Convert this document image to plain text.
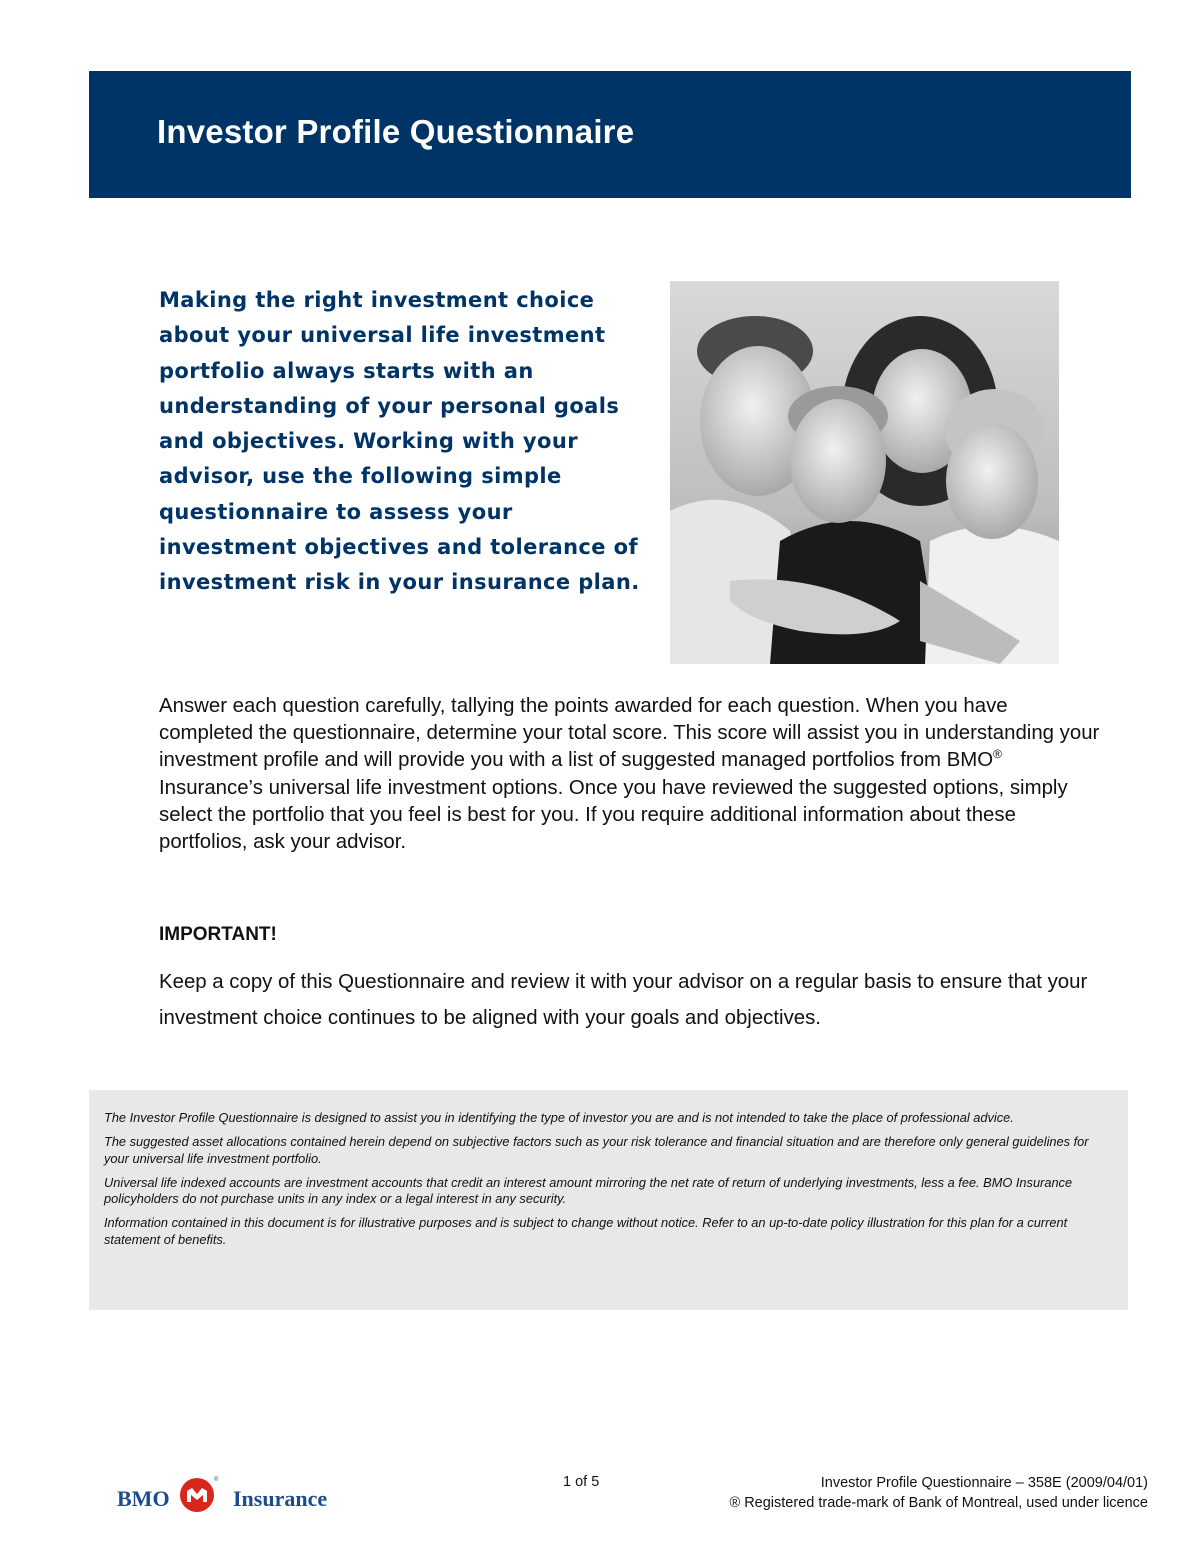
Investor Profile Questionnaire

Making the right investment choice about your universal life investment portfolio always starts with an understanding of your personal goals and objectives. Working with your advisor, use the following simple questionnaire to assess your investment objectives and tolerance of investment risk in your insurance plan.

Answer each question carefully, tallying the points awarded for each question. When you have completed the questionnaire, determine your total score. This score will assist you in understanding your investment profile and will provide you with a list of suggested managed portfolios from BMO® Insurance’s universal life investment options. Once you have reviewed the suggested options, simply select the portfolio that you feel is best for you. If you require additional information about these portfolios, ask your advisor.

IMPORTANT!

Keep a copy of this Questionnaire and review it with your advisor on a regular basis to ensure that your investment choice continues to be aligned with your goals and objectives.

The Investor Profile Questionnaire is designed to assist you in identifying the type of investor you are and is not intended to take the place of professional advice.

The suggested asset allocations contained herein depend on subjective factors such as your risk tolerance and financial situation and are therefore only general guidelines for your universal life investment portfolio.

Universal life indexed accounts are investment accounts that credit an interest amount mirroring the net rate of return of underlying investments, less a fee. BMO Insurance policyholders do not purchase units in any index or a legal interest in any security.

Information contained in this document is for illustrative purposes and is subject to change without notice. Refer to an up-to-date policy illustration for this plan for a current statement of benefits.

BMO
®
Insurance
1 of 5	Investor Profile Questionnaire – 358E (2009/04/01)
® Registered trade-mark of Bank of Montreal, used under licence
